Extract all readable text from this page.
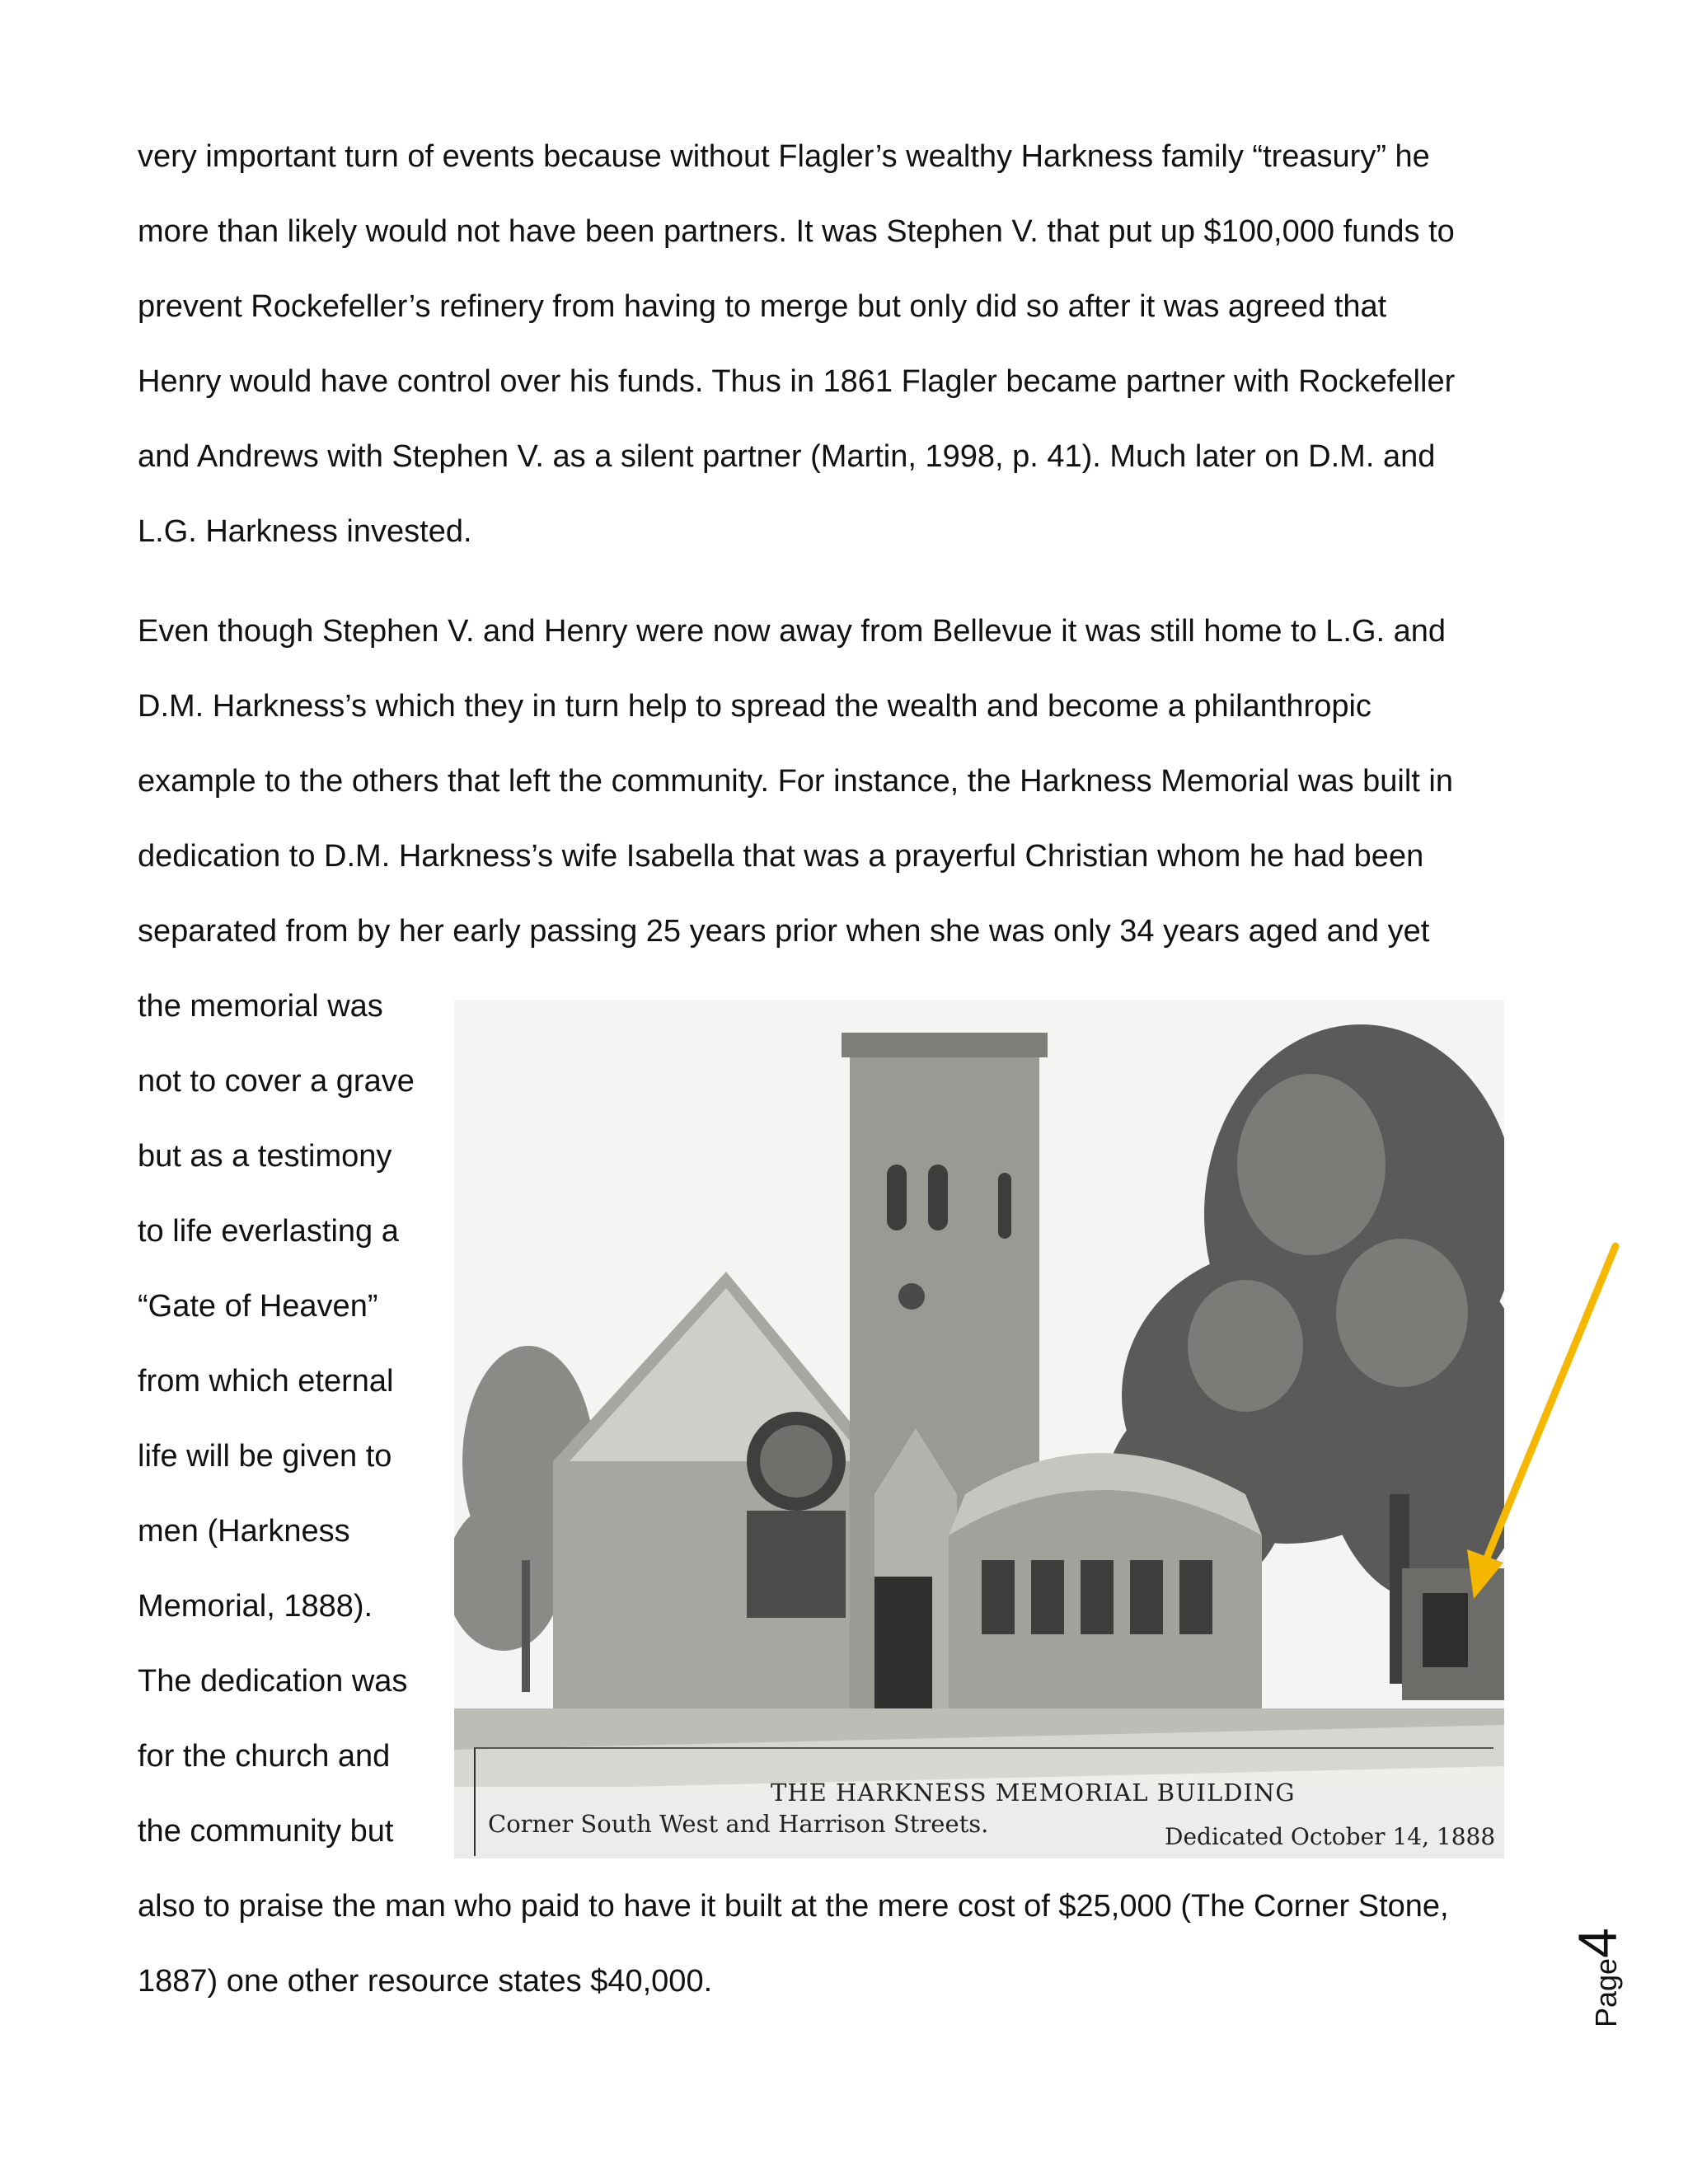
very important turn of events because without Flagler’s wealthy Harkness family “treasury” he
more than likely would not have been partners. It was Stephen V. that put up $100,000 funds to
prevent Rockefeller’s refinery from having to merge but only did so after it was agreed that
Henry would have control over his funds. Thus in 1861 Flagler became partner with Rockefeller
and Andrews with Stephen V. as a silent partner (Martin, 1998, p. 41). Much later on D.M. and
L.G. Harkness invested.
Even though Stephen V. and Henry were now away from Bellevue it was still home to L.G. and
D.M. Harkness’s which they in turn help to spread the wealth and become a philanthropic
example to the others that left the community. For instance, the Harkness Memorial was built in
dedication to D.M. Harkness’s wife Isabella that was a prayerful Christian whom he had been
separated from by her early passing 25 years prior when she was only 34 years aged and yet
the memorial was
not to cover a grave
but as a testimony
to life everlasting a
“Gate of Heaven”
from which eternal
life will be given to
men (Harkness
Memorial, 1888).
The dedication was
for the church and
the community but
THE HARKNESS MEMORIAL BUILDING
Corner South West and Harrison Streets.	Dedicated October 14, 1888
also to praise the man who paid to have it built at the mere cost of $25,000 (The Corner Stone,
1887) one other resource states $40,000.	Page4
